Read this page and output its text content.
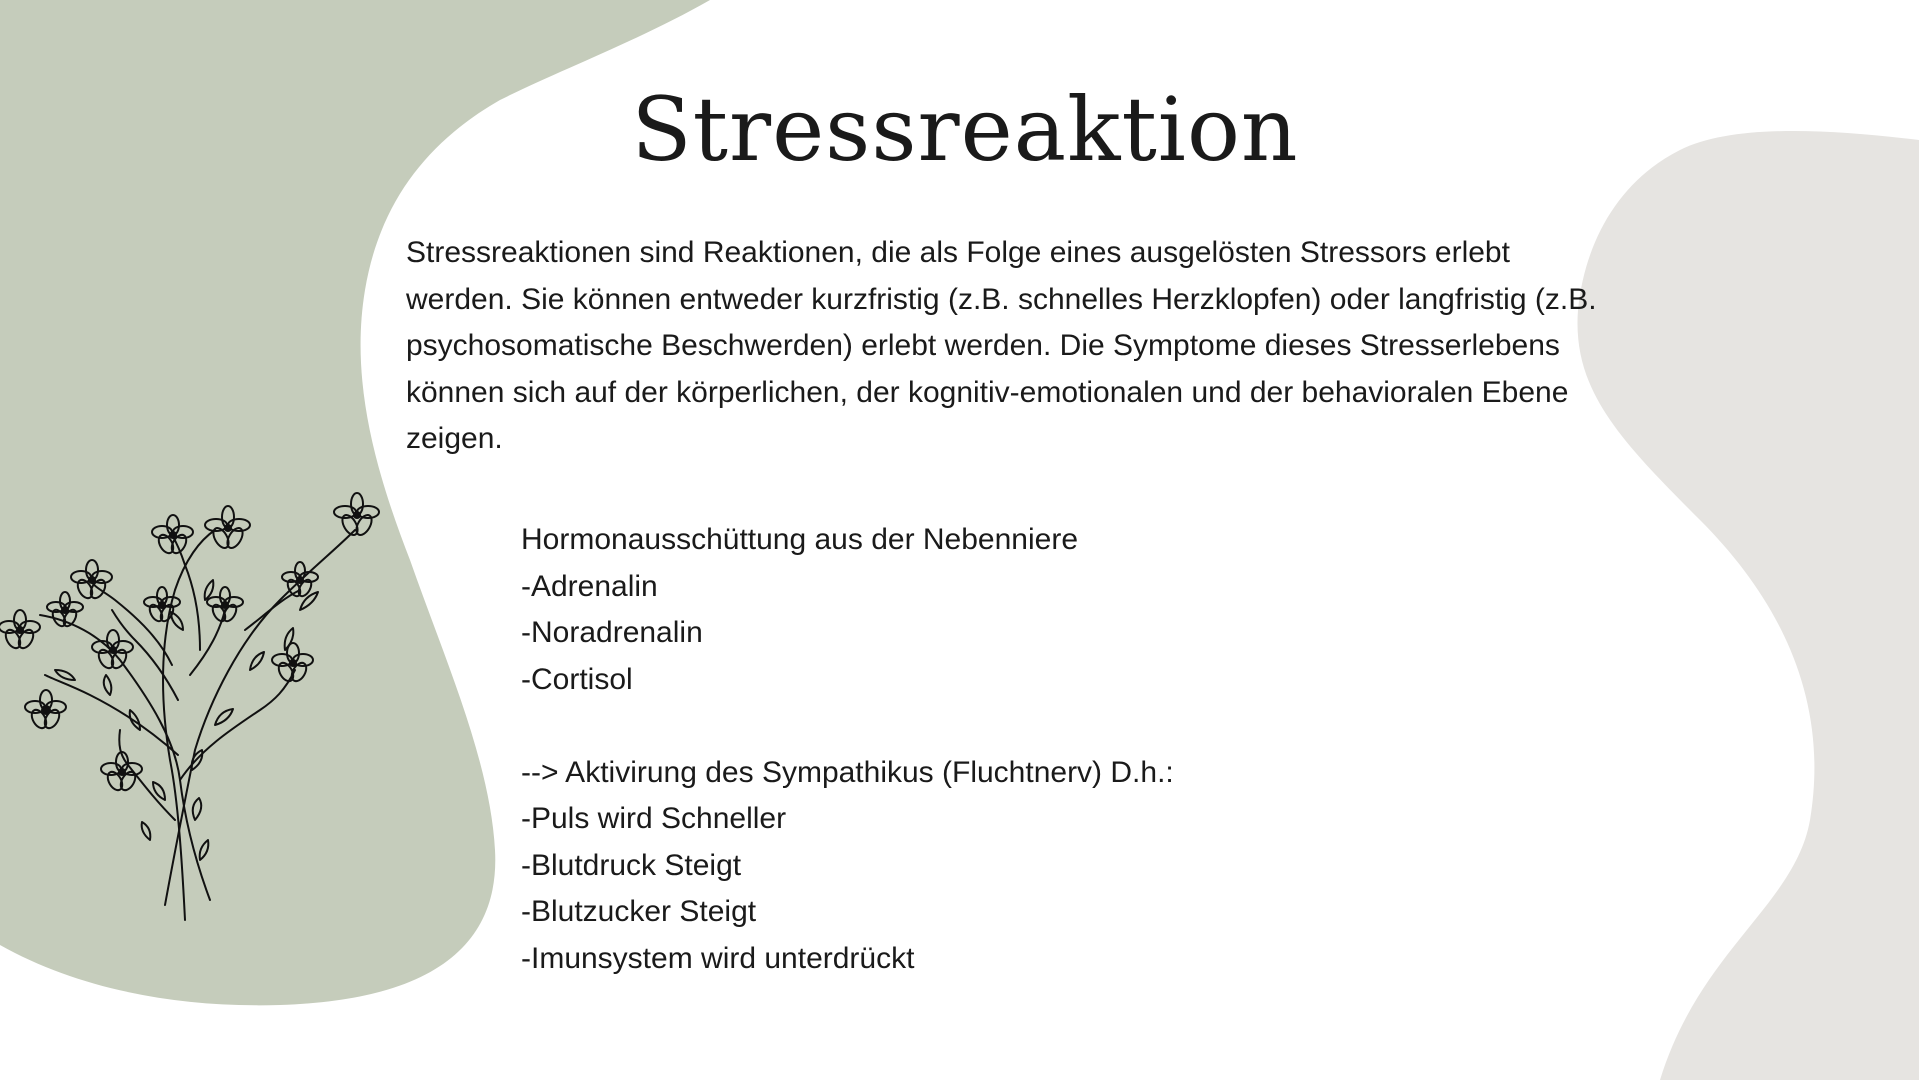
Stressreaktion

Stressreaktionen sind Reaktionen, die als Folge eines ausgelösten Stressors erlebt werden. Sie können entweder kurzfristig (z.B. schnelles Herzklopfen) oder langfristig (z.B. psychosomatische Beschwerden) erlebt werden. Die Symptome dieses Stresserlebens können sich auf der körperlichen, der kognitiv-emotionalen und der behavioralen Ebene zeigen.

Hormonausschüttung aus der Nebenniere
-Adrenalin
-Noradrenalin
-Cortisol
--> Aktivirung des Sympathikus (Fluchtnerv) D.h.:
-Puls wird Schneller
-Blutdruck Steigt
-Blutzucker Steigt
-Imunsystem wird unterdrückt
